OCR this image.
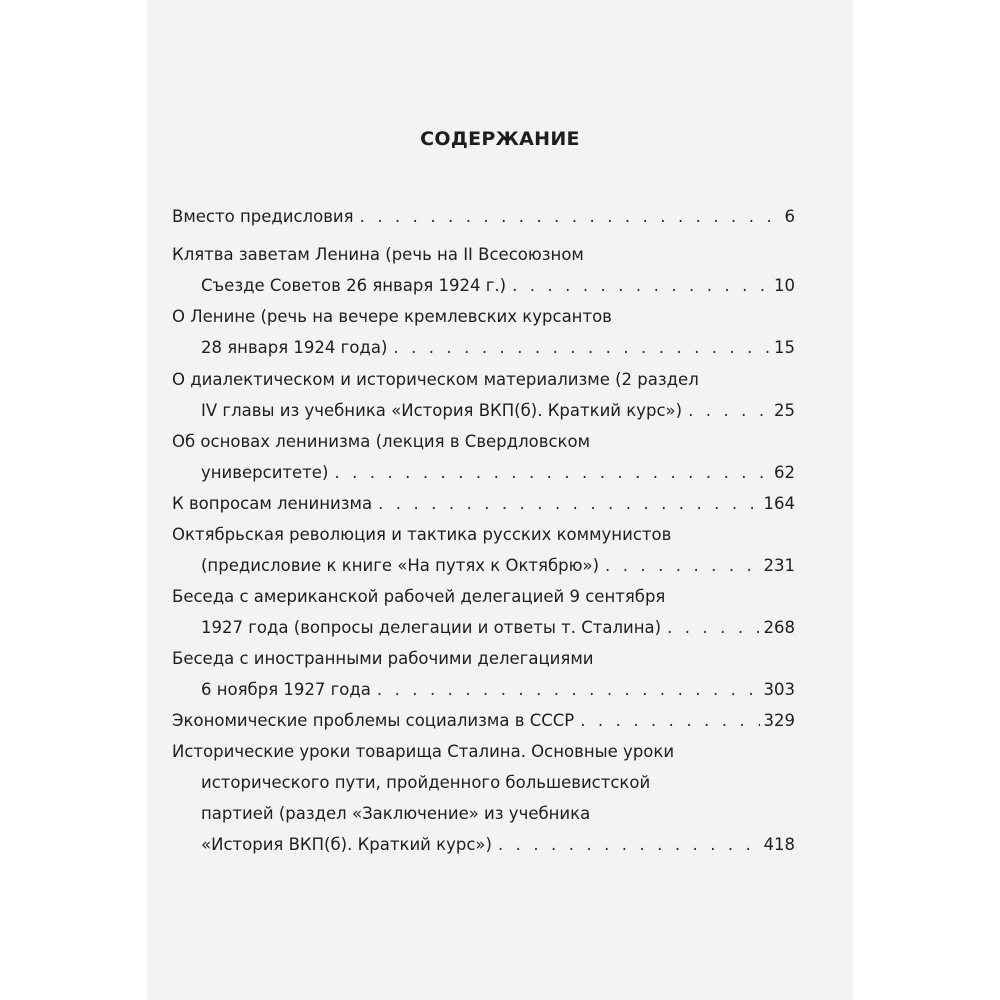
СОДЕРЖАНИЕ
Вместо предисловия . . .	6
Клятва заветам Ленина (речь на II Всесоюзном
Съезде Советов 26 января 1924 г.) . . .	10
О Ленине (речь на вечере кремлевских курсантов
28 января 1924 года) . . .	15
О диалектическом и историческом материализме (2 раздел
IV главы из учебника «История ВКП(б). Краткий курс») . . .	25
Об основах ленинизма (лекция в Свердловском
университете) . . .	62
К вопросам ленинизма . . .	164
Октябрьская революция и тактика русских коммунистов
(предисловие к книге «На путях к Октябрю») . . .	231
Беседа с американской рабочей делегацией 9 сентября
1927 года (вопросы делегации и ответы т. Сталина) . . .	268
Беседа с иностранными рабочими делегациями
6 ноября 1927 года . . .	303
Экономические проблемы социализма в СССР . . .	329
Исторические уроки товарища Сталина. Основные уроки
исторического пути, пройденного большевистской
партией (раздел «Заключение» из учебника
«История ВКП(б). Краткий курс») . . .	418
